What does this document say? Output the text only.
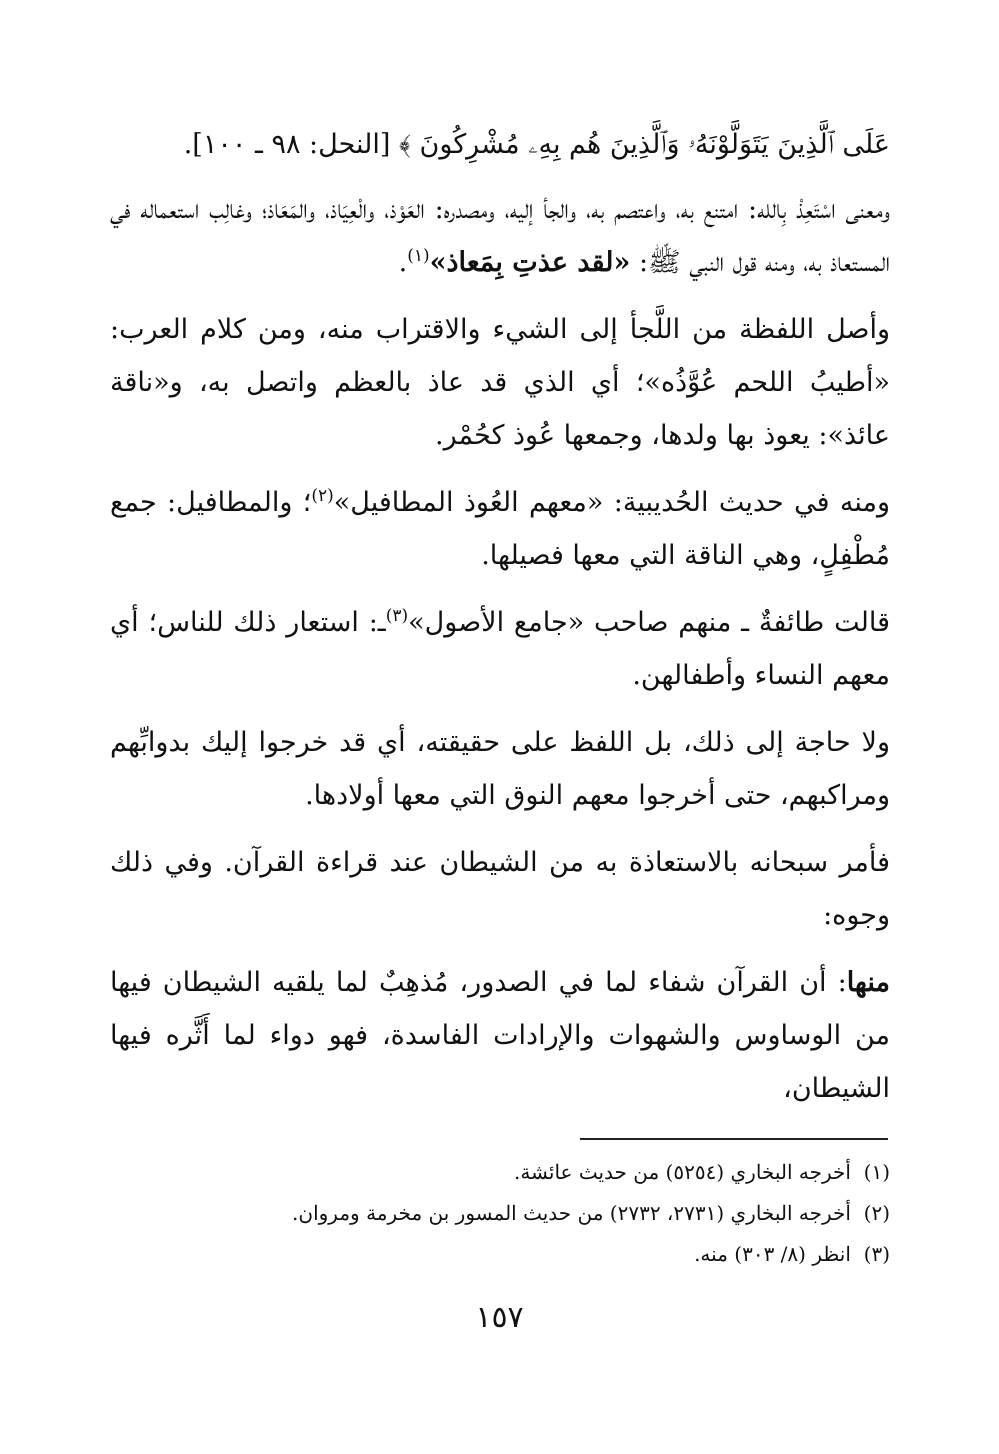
عَلَى ٱلَّذِينَ يَتَوَلَّوْنَهُۥ وَٱلَّذِينَ هُم بِهِۦ مُشْرِكُونَ ﴾ [النحل: ٩٨ ـ ١٠٠].

ومعنى اسْتَعِذْ بِالله: امتنع به، واعتصم به، والجأ إليه، ومصدره: العَوْذ، والْعِيَاذ، والمَعَاذ؛ وغالِب استعماله في المستعاذ به، ومنه قول النبي ﷺ: «لقد عذتِ بِمَعاذ»$^{(١)}$.

وأصل اللفظة من اللَّجأ إلى الشيء والاقتراب منه، ومن كلام العرب: «أطيبُ اللحم عُوَّذُه»؛ أي الذي قد عاذ بالعظم واتصل به، و«ناقة عائذ»: يعوذ بها ولدها، وجمعها عُوذ كحُمْر.

ومنه في حديث الحُديبية: «معهم العُوذ المطافيل»$^{(٢)}$؛ والمطافيل: جمع مُطْفِلٍ، وهي الناقة التي معها فصيلها.

قالت طائفةٌ ـ منهم صاحب «جامع الأصول»$^{(٣)}$ـ: استعار ذلك للناس؛ أي معهم النساء وأطفالهن.

ولا حاجة إلى ذلك، بل اللفظ على حقيقته، أي قد خرجوا إليك بدوابِّهم ومراكبهم، حتى أخرجوا معهم النوق التي معها أولادها.

فأمر سبحانه بالاستعاذة به من الشيطان عند قراءة القرآن. وفي ذلك وجوه:

منها: أن القرآن شفاء لما في الصدور، مُذهِبٌ لما يلقيه الشيطان فيها من الوساوس والشهوات والإرادات الفاسدة، فهو دواء لما أَثَّره فيها الشيطان،

(١)  أخرجه البخاري (٥٢٥٤) من حديث عائشة.

(٢)  أخرجه البخاري (٢٧٣١، ٢٧٣٢) من حديث المسور بن مخرمة ومروان.

(٣)  انظر (٨/ ٣٠٣) منه.

١٥٧
